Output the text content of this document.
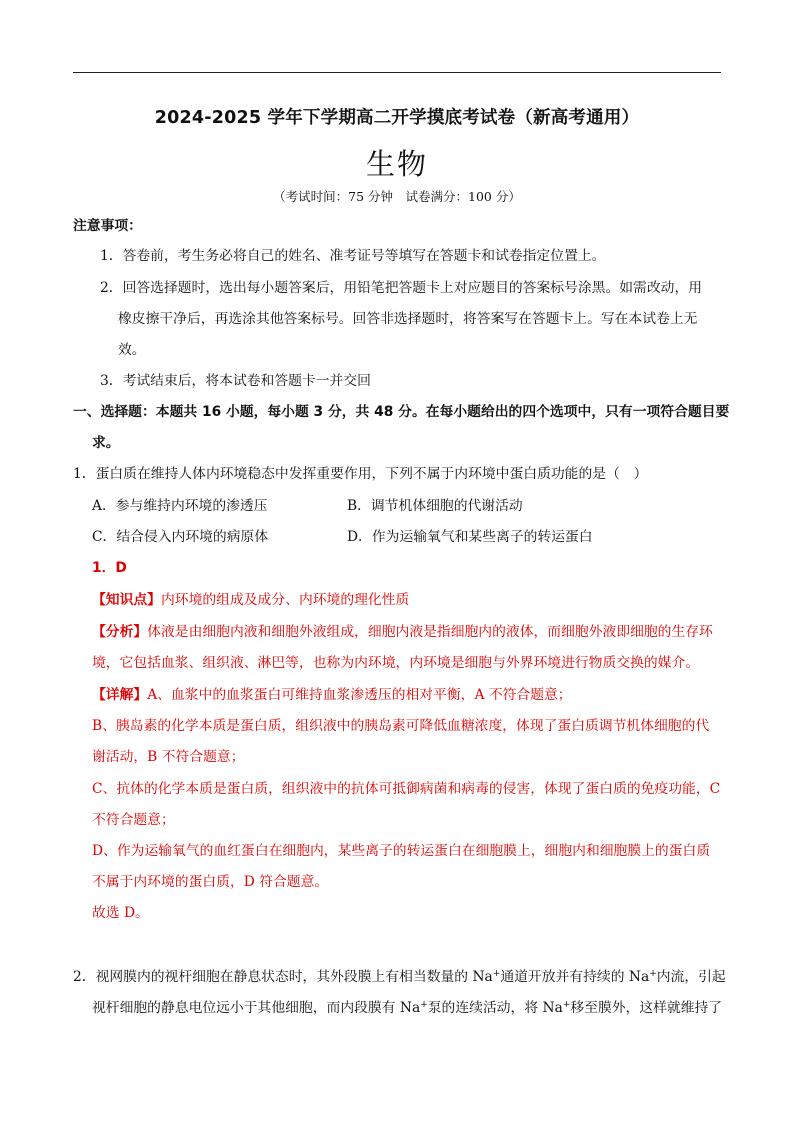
2024-2025 学年下学期高二开学摸底考试卷（新高考通用）
生物
（考试时间：75 分钟　试卷满分：100 分）
注意事项：
1．答卷前，考生务必将自己的姓名、准考证号等填写在答题卡和试卷指定位置上。
2．回答选择题时，选出每小题答案后，用铅笔把答题卡上对应题目的答案标号涂黑。如需改动，用
橡皮擦干净后，再选涂其他答案标号。回答非选择题时，将答案写在答题卡上。写在本试卷上无
效。
3．考试结束后，将本试卷和答题卡一并交回
一、选择题：本题共 16 小题，每小题 3 分，共 48 分。在每小题给出的四个选项中，只有一项符合题目要
求。
1．蛋白质在维持人体内环境稳态中发挥重要作用，下列不属于内环境中蛋白质功能的是（　）
A．参与维持内环境的渗透压	B．调节机体细胞的代谢活动
C．结合侵入内环境的病原体	D．作为运输氧气和某些离子的转运蛋白
1．D
【知识点】内环境的组成及成分、内环境的理化性质
【分析】体液是由细胞内液和细胞外液组成，细胞内液是指细胞内的液体，而细胞外液即细胞的生存环
境，它包括血浆、组织液、淋巴等，也称为内环境，内环境是细胞与外界环境进行物质交换的媒介。
【详解】A、血浆中的血浆蛋白可维持血浆渗透压的相对平衡，A 不符合题意；
B、胰岛素的化学本质是蛋白质，组织液中的胰岛素可降低血糖浓度，体现了蛋白质调节机体细胞的代
谢活动，B 不符合题意；
C、抗体的化学本质是蛋白质，组织液中的抗体可抵御病菌和病毒的侵害，体现了蛋白质的免疫功能，C
不符合题意；
D、作为运输氧气的血红蛋白在细胞内，某些离子的转运蛋白在细胞膜上，细胞内和细胞膜上的蛋白质
不属于内环境的蛋白质，D 符合题意。
故选 D。
2．视网膜内的视杆细胞在静息状态时，其外段膜上有相当数量的 Na+通道开放并有持续的 Na+内流，引起
视杆细胞的静息电位远小于其他细胞，而内段膜有 Na+泵的连续活动，将 Na+移至膜外，这样就维持了
